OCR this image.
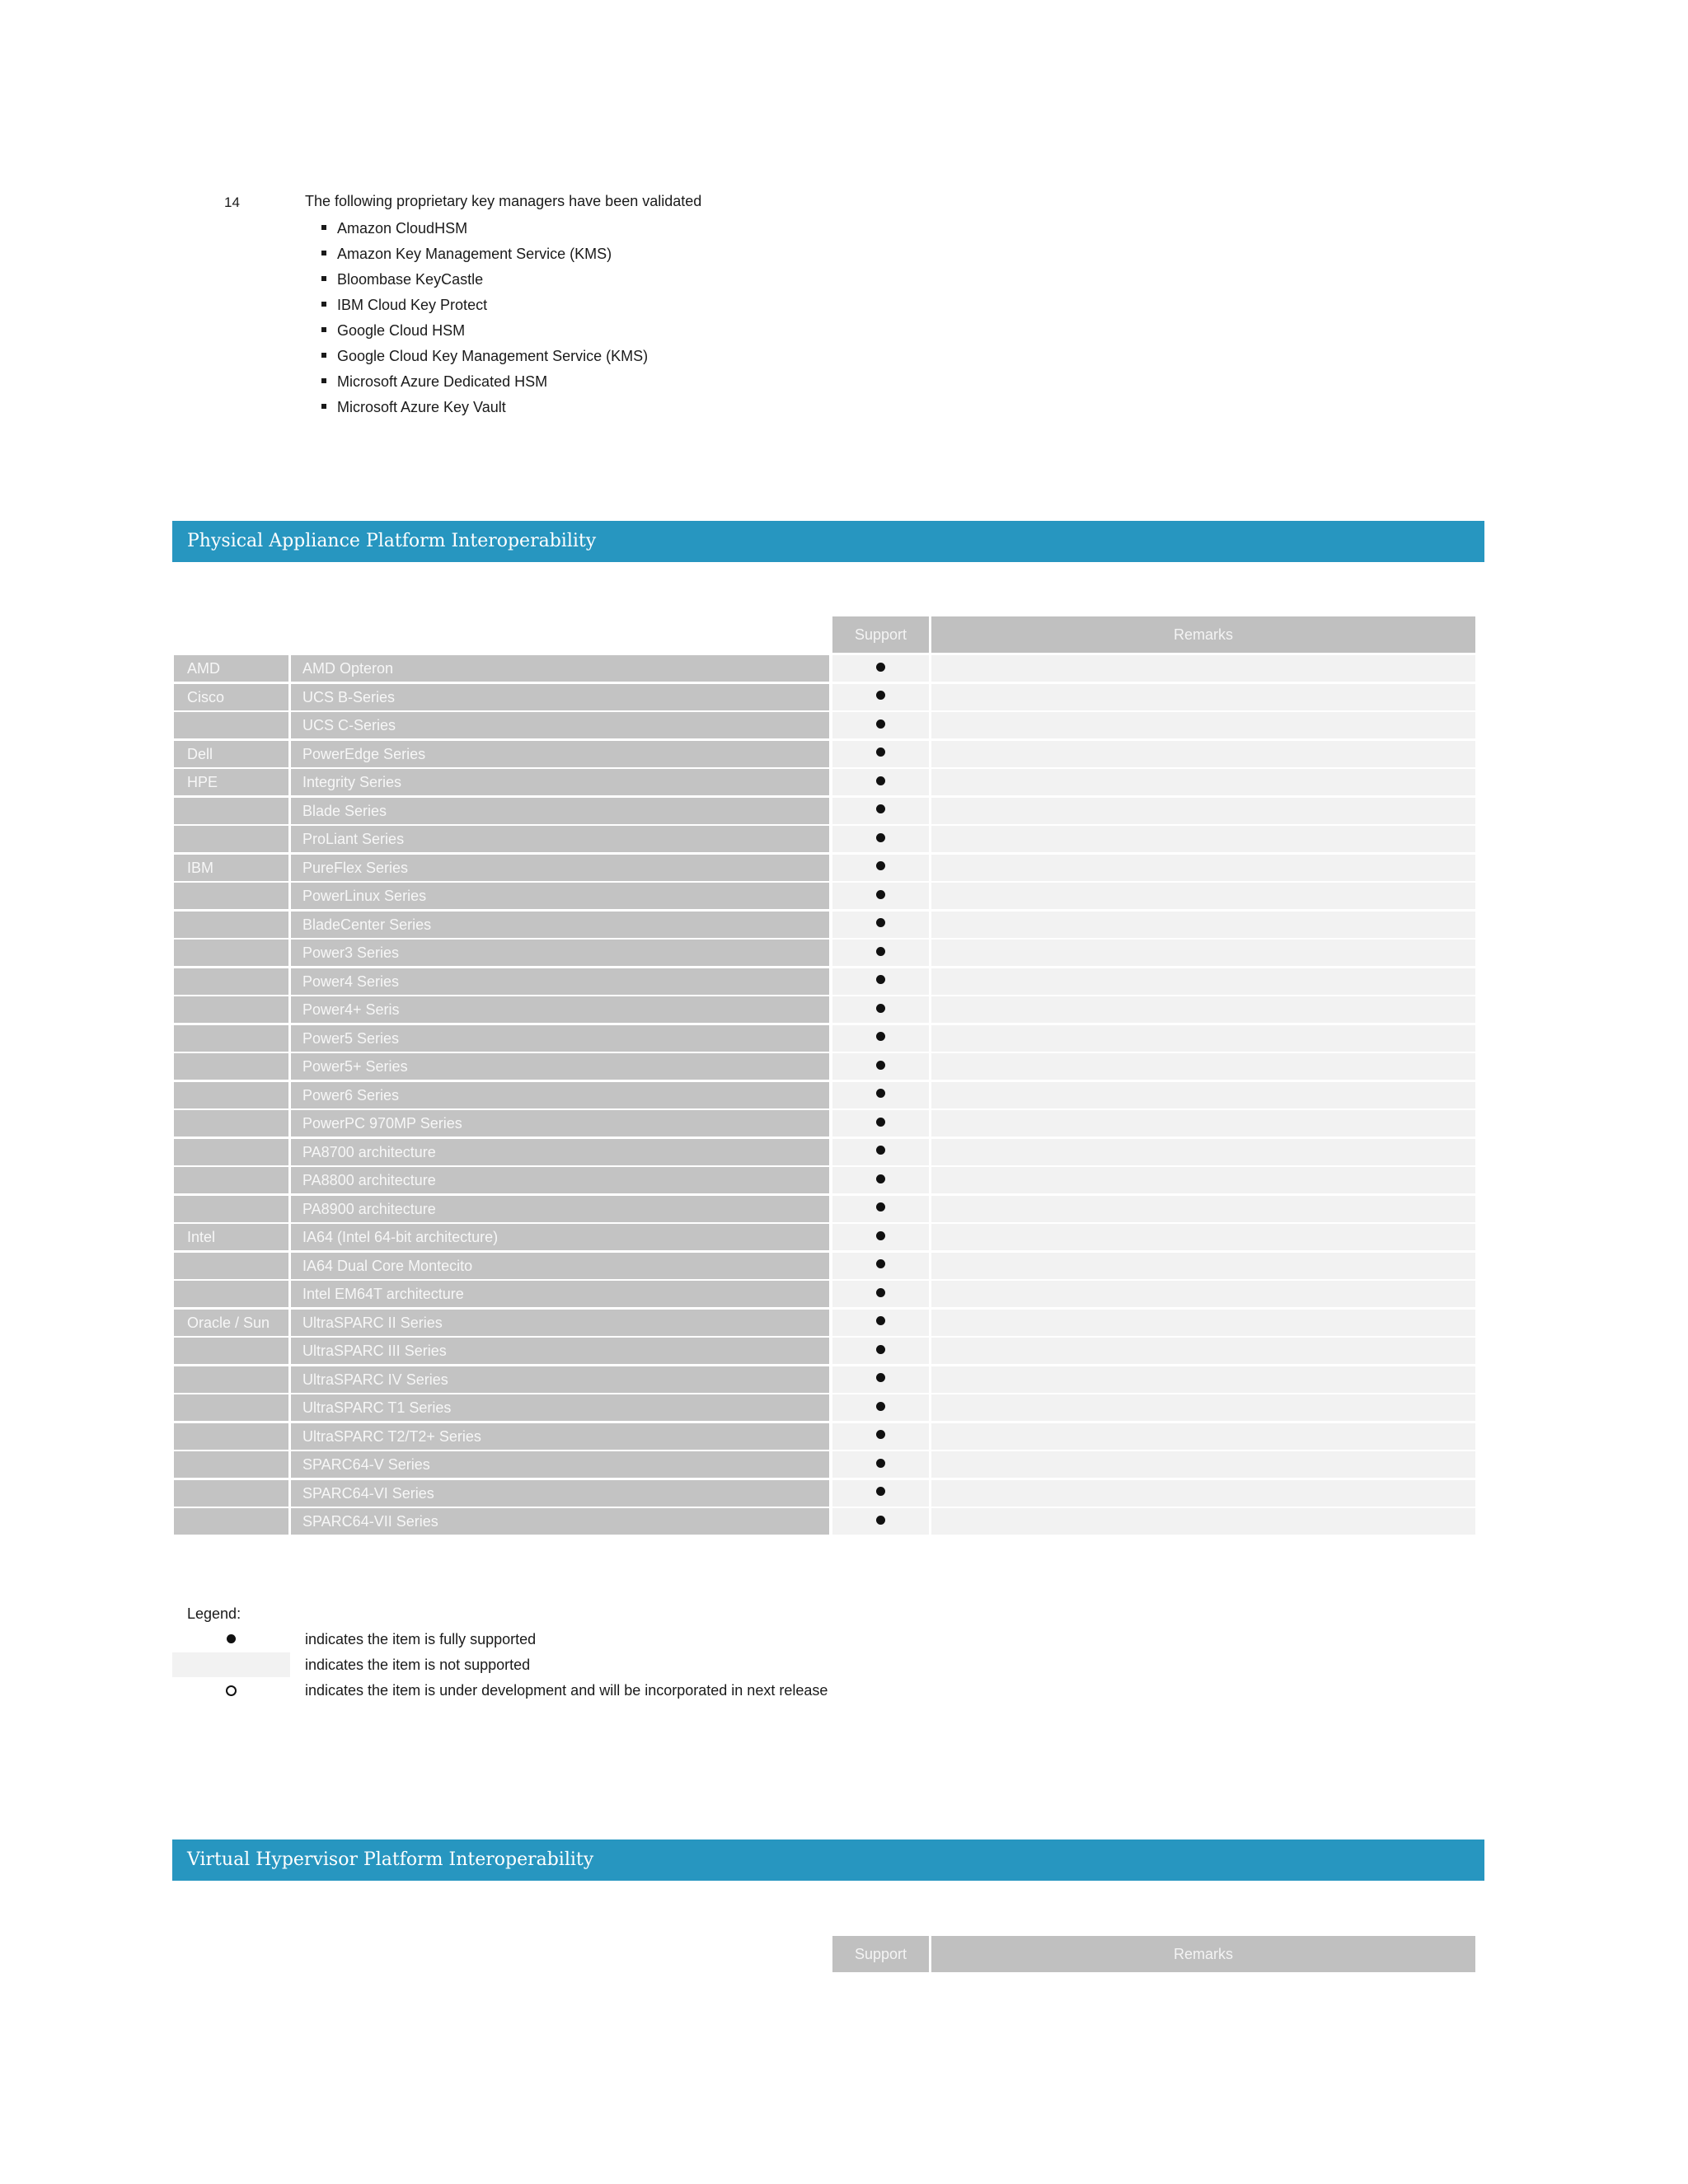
14	The following proprietary key managers have been validated
Amazon CloudHSM
Amazon Key Management Service (KMS)
Bloombase KeyCastle
IBM Cloud Key Protect
Google Cloud HSM
Google Cloud Key Management Service (KMS)
Microsoft Azure Dedicated HSM
Microsoft Azure Key Vault
Physical Appliance Platform Interoperability
Support	Remarks
AMD	AMD Opteron
Cisco	UCS B-Series
UCS C-Series
Dell	PowerEdge Series
HPE	Integrity Series
Blade Series
ProLiant Series
IBM	PureFlex Series
PowerLinux Series
BladeCenter Series
Power3 Series
Power4 Series
Power4+ Seris
Power5 Series
Power5+ Series
Power6 Series
PowerPC 970MP Series
PA8700 architecture
PA8800 architecture
PA8900 architecture
Intel	IA64 (Intel 64-bit architecture)
IA64 Dual Core Montecito
Intel EM64T architecture
Oracle / Sun	UltraSPARC II Series
UltraSPARC III Series
UltraSPARC IV Series
UltraSPARC T1 Series
UltraSPARC T2/T2+ Series
SPARC64-V Series
SPARC64-VI Series
SPARC64-VII Series
Legend:
indicates the item is fully supported
indicates the item is not supported
indicates the item is under development and will be incorporated in next release
Virtual Hypervisor Platform Interoperability
Support	Remarks
